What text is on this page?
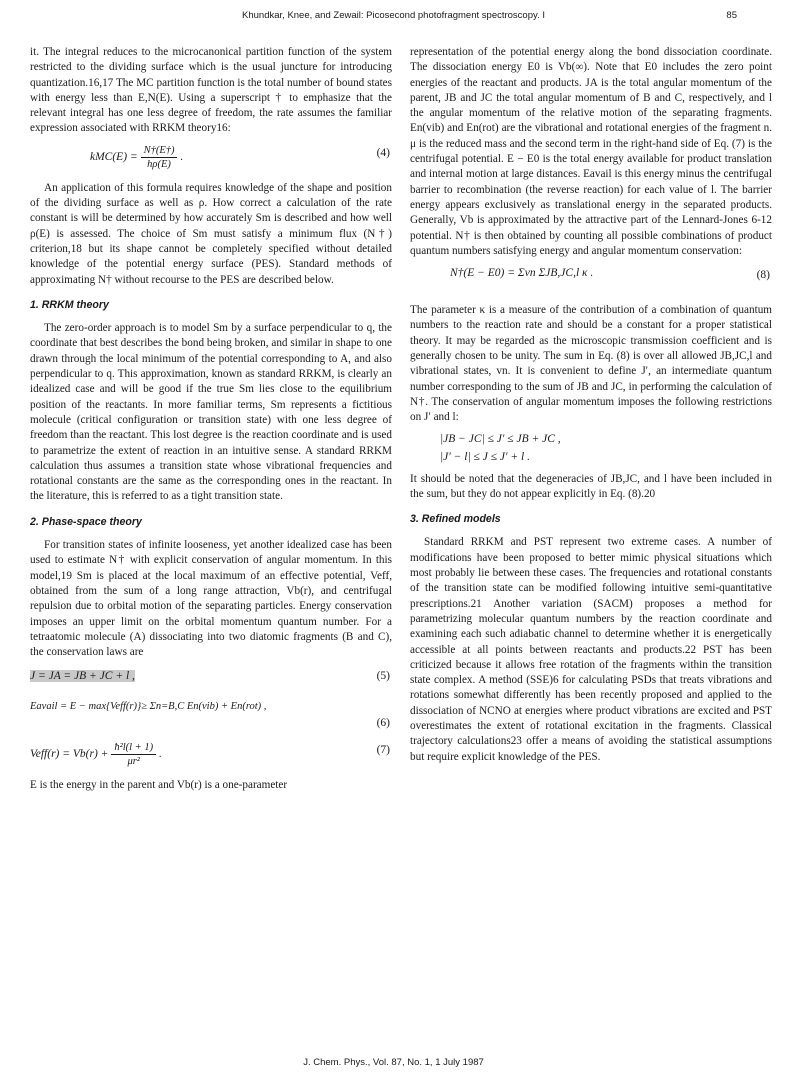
Khundkar, Knee, and Zewail: Picosecond photofragment spectroscopy. I	85

it. The integral reduces to the microcanonical partition function of the system restricted to the dividing surface which is the usual juncture for introducing quantization.16,17 The MC partition function is the total number of bound states with energy less than E,N(E). Using a superscript † to emphasize that the relevant integral has one less degree of freedom, the rate assumes the familiar expression associated with RRKM theory16:

$kMC(E) = \frac{N\dagger(E\dagger)}{h\rho(E)}$ .	(4)

An application of this formula requires knowledge of the shape and position of the dividing surface as well as ρ. How correct a calculation of the rate constant is will be determined by how accurately Sm is described and how well ρ(E) is assessed. The choice of Sm must satisfy a minimum flux (N†) criterion,18 but its shape cannot be completely specified without detailed knowledge of the potential energy surface (PES). Standard methods of approximating N† without recourse to the PES are described below.

1. RRKM theory

The zero-order approach is to model Sm by a surface perpendicular to q, the coordinate that best describes the bond being broken, and similar in shape to one drawn through the local minimum of the potential corresponding to A, and also perpendicular to q. This approximation, known as standard RRKM, is clearly an idealized case and will be good if the true Sm lies close to the equilibrium position of the reactants. In more familiar terms, Sm represents a fictitious molecule (critical configuration or transition state) with one less degree of freedom than the reactant. This lost degree is the reaction coordinate and is used to parametrize the extent of reaction in an intuitive sense. A standard RRKM calculation thus assumes a transition state whose vibrational frequencies and rotational constants are the same as the corresponding ones in the reactant. In the literature, this is referred to as a tight transition state.

2. Phase-space theory

For transition states of infinite looseness, yet another idealized case has been used to estimate N† with explicit conservation of angular momentum. In this model,19 Sm is placed at the local maximum of an effective potential, Veff, obtained from the sum of a long range attraction, Vb(r), and centrifugal repulsion due to orbital motion of the separating particles. Energy conservation imposes an upper limit on the orbital momentum quantum number. For a tetraatomic molecule (A) dissociating into two diatomic fragments (B and C), the conservation laws are

J = JA = JB + JC + l ,	(5)
Eavail = E − max{Veff(r)}≥ Σn=B,C En(vib) + En(rot) ,
(6)
Veff(r) = $Vb(r) + \frac{\text{ħ²l(l + 1)}}{\text{μr²}}$ .	(7)

E is the energy in the parent and Vb(r) is a one-parameter

representation of the potential energy along the bond dissociation coordinate. The dissociation energy E0 is Vb(∞). Note that E0 includes the zero point energies of the reactant and products. JA is the total angular momentum of the parent, JB and JC the total angular momentum of B and C, respectively, and l the angular momentum of the relative motion of the separating fragments. En(vib) and En(rot) are the vibrational and rotational energies of the fragment n. μ is the reduced mass and the second term in the right-hand side of Eq. (7) is the centrifugal potential. E − E0 is the total energy available for product translation and internal motion at large distances. Eavail is this energy minus the centrifugal barrier to recombination (the reverse reaction) for each value of l. The barrier energy appears exclusively as translational energy in the separated products. Generally, Vb is approximated by the attractive part of the Lennard-Jones 6-12 potential. N† is then obtained by counting all possible combinations of product quantum numbers satisfying energy and angular momentum conservation:

N†(E − E0) = Σvn ΣJB,JC,l κ .	(8)

The parameter κ is a measure of the contribution of a combination of quantum numbers to the reaction rate and should be a constant for a proper statistical theory. It may be regarded as the microscopic transmission coefficient and is generally chosen to be unity. The sum in Eq. (8) is over all allowed JB,JC,l and vibrational states, vn. It is convenient to define J′, an intermediate quantum number corresponding to the sum of JB and JC, in performing the calculation of N†. The conservation of angular momentum imposes the following restrictions on J′ and l:

|JB − JC| ≤ J′ ≤ JB + JC ,
|J′ − l| ≤ J ≤ J′ + l .

It should be noted that the degeneracies of JB,JC, and l have been included in the sum, but they do not appear explicitly in Eq. (8).20

3. Refined models

Standard RRKM and PST represent two extreme cases. A number of modifications have been proposed to better mimic physical situations which most probably lie between these cases. The frequencies and rotational constants of the transition state can be modified following intuitive semi-quantitative prescriptions.21 Another variation (SACM) proposes a method for parametrizing molecular quantum numbers by the reaction coordinate and examining each such adiabatic channel to determine whether it is energetically accessible at all points between reactants and products.22 PST has been criticized because it allows free rotation of the fragments within the transition state complex. A method (SSE)6 for calculating PSDs that treats vibrations and rotations somewhat differently has been recently proposed and applied to the dissociation of NCNO at energies where product vibrations are excited and PST overestimates the extent of rotational excitation in the fragments. Classical trajectory calculations23 offer a means of avoiding the statistical assumptions but require explicit knowledge of the PES.

J. Chem. Phys., Vol. 87, No. 1, 1 July 1987
